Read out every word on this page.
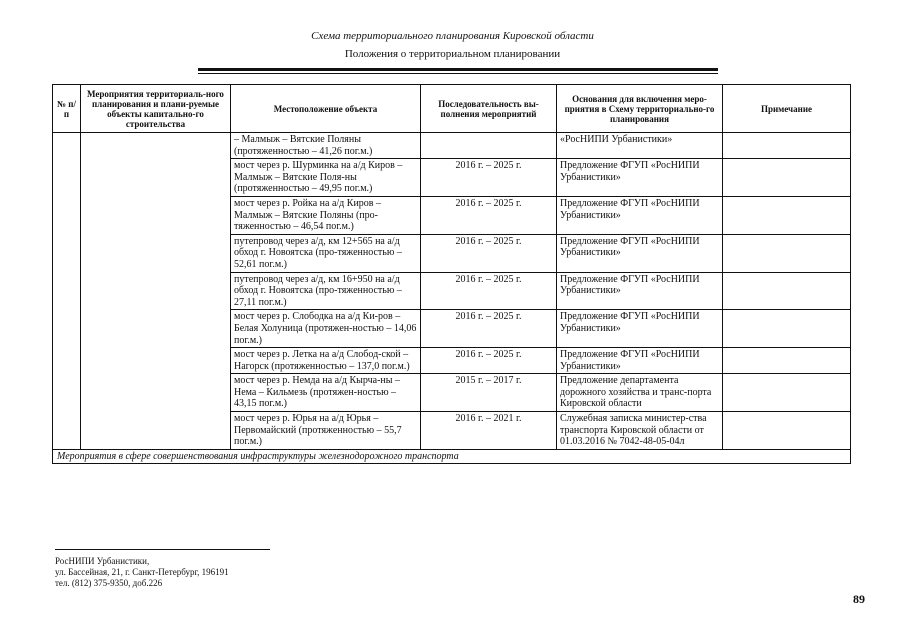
Схема территориального планирования Кировской области
Положения о территориальном планировании
№ п/п	Мероприятия территориаль-ного планирования и плани-руемые объекты капитально-го строительства	Местоположение объекта	Последовательность вы-полнения мероприятий	Основания для включения меро-приятия в Схему территориально-го планирования	Примечание
		– Малмыж – Вятские Поляны (протяженностью – 41,26 пог.м.)		«РосНИПИ Урбанистики»	
		мост через р. Шурминка на а/д Киров – Малмыж – Вятские Поля-ны (протяженностью – 49,95 пог.м.)	2016 г. – 2025 г.	Предложение ФГУП «РосНИПИ Урбанистики»	
		мост через р. Ройка на а/д Киров – Малмыж – Вятские Поляны (про-тяженностью – 46,54 пог.м.)	2016 г. – 2025 г.	Предложение ФГУП «РосНИПИ Урбанистики»	
		путепровод через а/д, км 12+565 на а/д обход г. Новоятска (про-тяженностью – 52,61 пог.м.)	2016 г. – 2025 г.	Предложение ФГУП «РосНИПИ Урбанистики»	
		путепровод через а/д, км 16+950 на а/д обход г. Новоятска (про-тяженностью – 27,11 пог.м.)	2016 г. – 2025 г.	Предложение ФГУП «РосНИПИ Урбанистики»	
		мост через р. Слободка на а/д Ки-ров – Белая Холуница (протяжен-ностью – 14,06 пог.м.)	2016 г. – 2025 г.	Предложение ФГУП «РосНИПИ Урбанистики»	
		мост через р. Летка на а/д Слобод-ской – Нагорск (протяженностью – 137,0 пог.м.)	2016 г. – 2025 г.	Предложение ФГУП «РосНИПИ Урбанистики»	
		мост через р. Немда на а/д Кырча-ны – Нема – Кильмезь (протяжен-ностью – 43,15 пог.м.)	2015 г. – 2017 г.	Предложение департамента дорожного хозяйства и транс-порта Кировской области	
		мост через р. Юрья на а/д Юрья – Первомайский (протяженностью – 55,7 пог.м.)	2016 г. – 2021 г.	Служебная записка министер-ства транспорта Кировской области от 01.03.2016 № 7042-48-05-04л	
Мероприятия в сфере совершенствования инфраструктуры железнодорожного транспорта					
РосНИПИ Урбанистики,
ул. Бассейная, 21, г. Санкт-Петербург, 196191
тел. (812) 375-9350, доб.226
89
